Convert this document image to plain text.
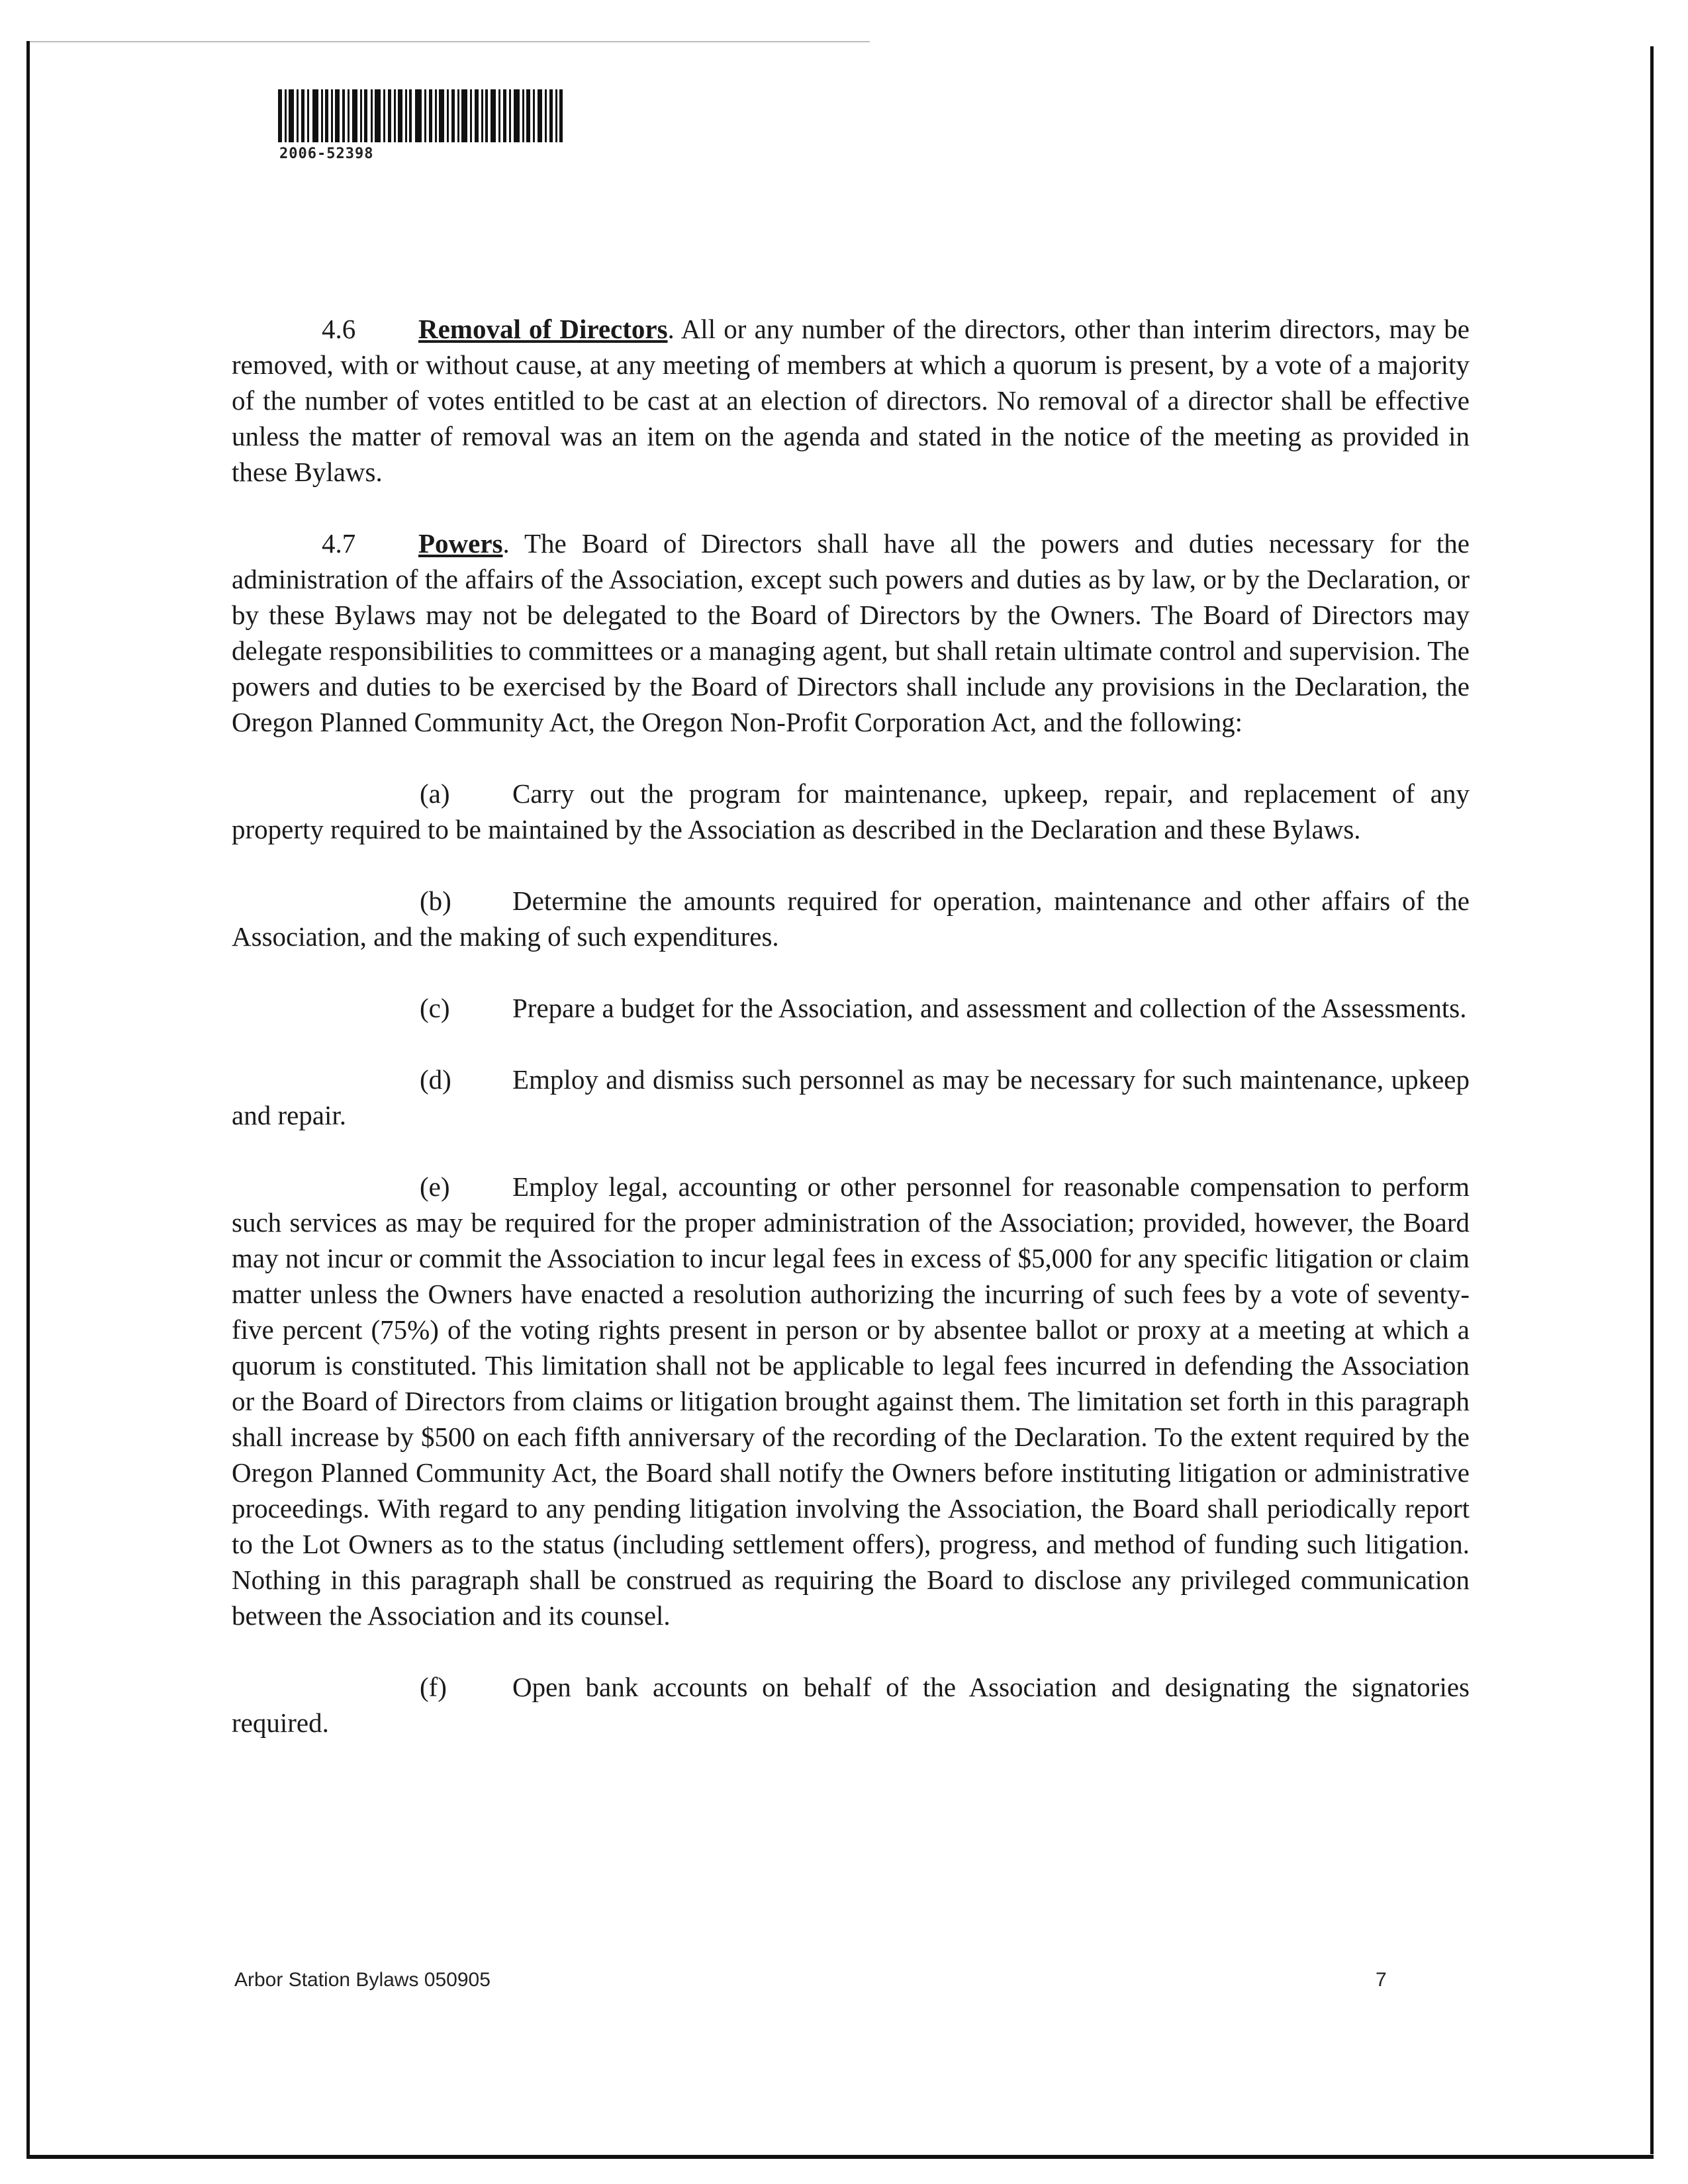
2006-52398

4.6 Removal of Directors. All or any number of the directors, other than interim directors, may be removed, with or without cause, at any meeting of members at which a quorum is present, by a vote of a majority of the number of votes entitled to be cast at an election of directors. No removal of a director shall be effective unless the matter of removal was an item on the agenda and stated in the notice of the meeting as provided in these Bylaws.

4.7 Powers. The Board of Directors shall have all the powers and duties necessary for the administration of the affairs of the Association, except such powers and duties as by law, or by the Declaration, or by these Bylaws may not be delegated to the Board of Directors by the Owners. The Board of Directors may delegate responsibilities to committees or a managing agent, but shall retain ultimate control and supervision. The powers and duties to be exercised by the Board of Directors shall include any provisions in the Declaration, the Oregon Planned Community Act, the Oregon Non-Profit Corporation Act, and the following:

(a) Carry out the program for maintenance, upkeep, repair, and replacement of any property required to be maintained by the Association as described in the Declaration and these Bylaws.

(b) Determine the amounts required for operation, maintenance and other affairs of the Association, and the making of such expenditures.

(c) Prepare a budget for the Association, and assessment and collection of the Assessments.

(d) Employ and dismiss such personnel as may be necessary for such maintenance, upkeep and repair.

(e) Employ legal, accounting or other personnel for reasonable compensation to perform such services as may be required for the proper administration of the Association; provided, however, the Board may not incur or commit the Association to incur legal fees in excess of $5,000 for any specific litigation or claim matter unless the Owners have enacted a resolution authorizing the incurring of such fees by a vote of seventy-five percent (75%) of the voting rights present in person or by absentee ballot or proxy at a meeting at which a quorum is constituted. This limitation shall not be applicable to legal fees incurred in defending the Association or the Board of Directors from claims or litigation brought against them. The limitation set forth in this paragraph shall increase by $500 on each fifth anniversary of the recording of the Declaration. To the extent required by the Oregon Planned Community Act, the Board shall notify the Owners before instituting litigation or administrative proceedings. With regard to any pending litigation involving the Association, the Board shall periodically report to the Lot Owners as to the status (including settlement offers), progress, and method of funding such litigation. Nothing in this paragraph shall be construed as requiring the Board to disclose any privileged communication between the Association and its counsel.

(f) Open bank accounts on behalf of the Association and designating the signatories required.

Arbor Station Bylaws 050905	7
